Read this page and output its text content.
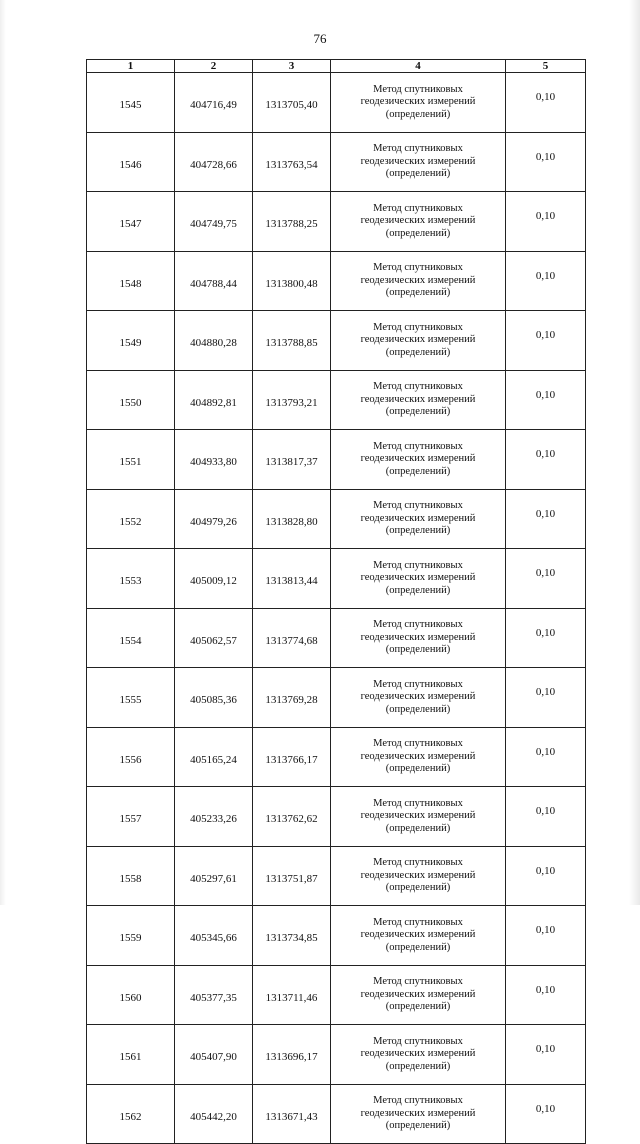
76
1	2	3	4	5
1545	404716,49	1313705,40	Метод спутниковых
геодезических измерений
(определений)	0,10
1546	404728,66	1313763,54	Метод спутниковых
геодезических измерений
(определений)	0,10
1547	404749,75	1313788,25	Метод спутниковых
геодезических измерений
(определений)	0,10
1548	404788,44	1313800,48	Метод спутниковых
геодезических измерений
(определений)	0,10
1549	404880,28	1313788,85	Метод спутниковых
геодезических измерений
(определений)	0,10
1550	404892,81	1313793,21	Метод спутниковых
геодезических измерений
(определений)	0,10
1551	404933,80	1313817,37	Метод спутниковых
геодезических измерений
(определений)	0,10
1552	404979,26	1313828,80	Метод спутниковых
геодезических измерений
(определений)	0,10
1553	405009,12	1313813,44	Метод спутниковых
геодезических измерений
(определений)	0,10
1554	405062,57	1313774,68	Метод спутниковых
геодезических измерений
(определений)	0,10
1555	405085,36	1313769,28	Метод спутниковых
геодезических измерений
(определений)	0,10
1556	405165,24	1313766,17	Метод спутниковых
геодезических измерений
(определений)	0,10
1557	405233,26	1313762,62	Метод спутниковых
геодезических измерений
(определений)	0,10
1558	405297,61	1313751,87	Метод спутниковых
геодезических измерений
(определений)	0,10
1559	405345,66	1313734,85	Метод спутниковых
геодезических измерений
(определений)	0,10
1560	405377,35	1313711,46	Метод спутниковых
геодезических измерений
(определений)	0,10
1561	405407,90	1313696,17	Метод спутниковых
геодезических измерений
(определений)	0,10
1562	405442,20	1313671,43	Метод спутниковых
геодезических измерений
(определений)	0,10
